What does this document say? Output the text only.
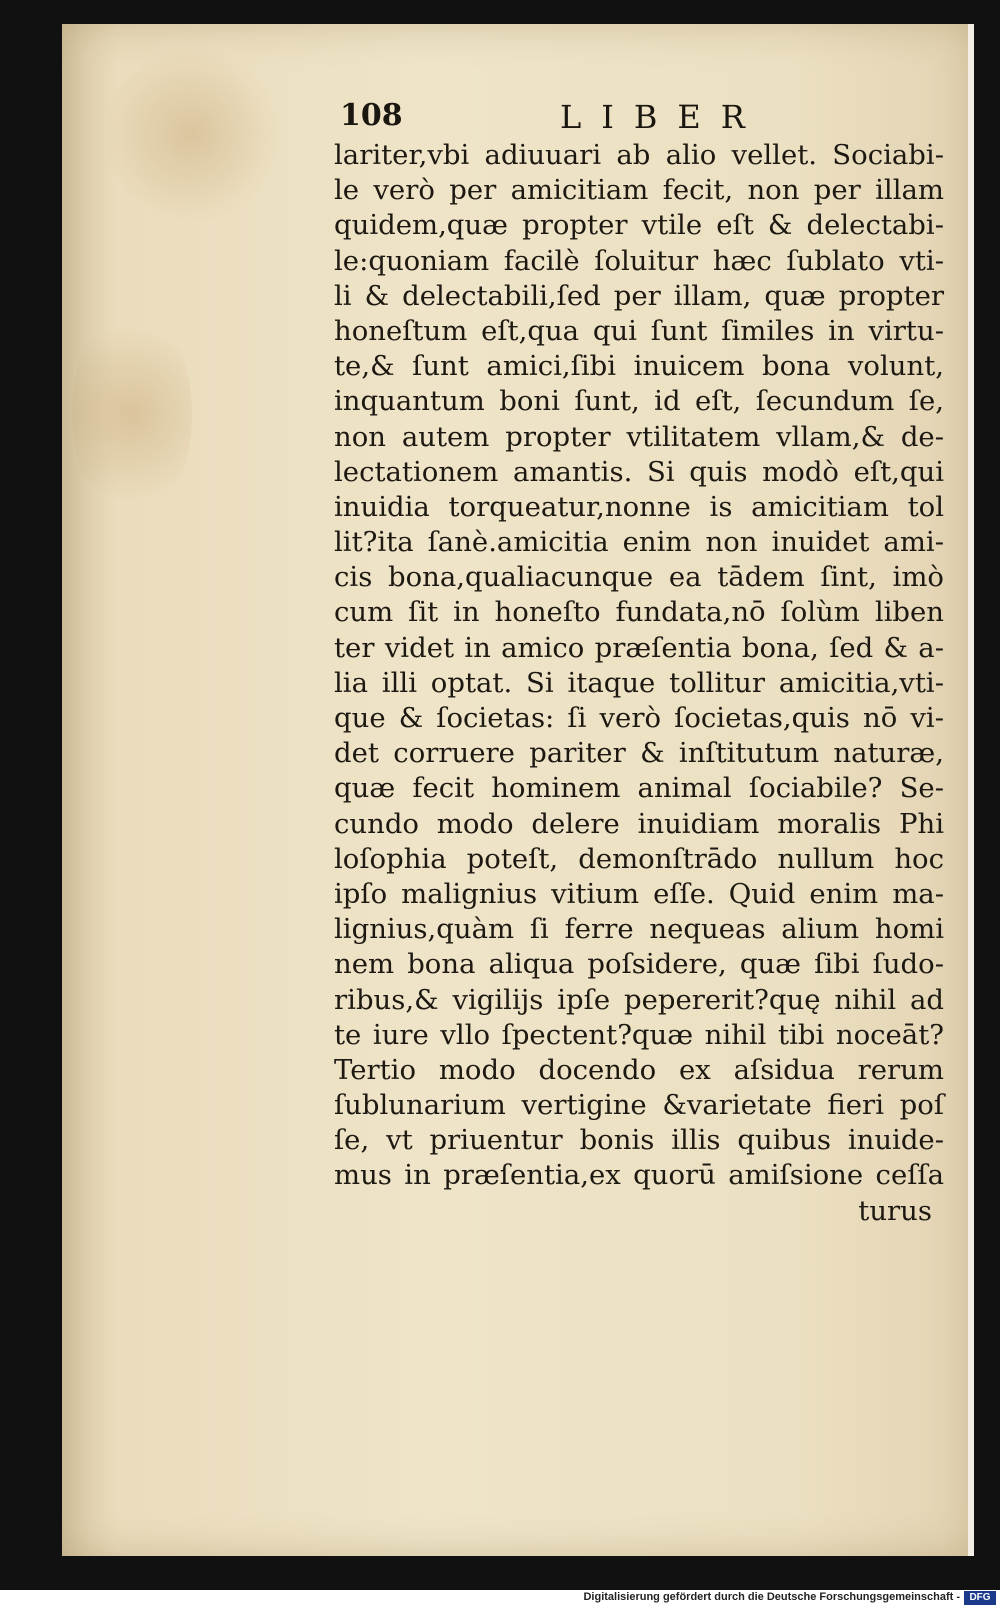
108	LIBER
lariter,vbi adiuuari ab alio vellet. Sociabi-
le verò per amicitiam fecit, non per illam
quidem,quæ propter vtile eſt & delectabi-
le:quoniam facilè ſoluitur hæc ſublato vti-
li & delectabili,ſed per illam, quæ propter
honeſtum eſt,qua qui ſunt ſimiles in virtu-
te,& ſunt amici,ſibi inuicem bona volunt,
inquantum boni ſunt, id eſt, ſecundum ſe,
non autem propter vtilitatem vllam,& de-
lectationem amantis. Si quis modò eſt,qui
inuidia torqueatur,nonne is amicitiam tol
lit?ita ſanè.amicitia enim non inuidet ami-
cis bona,qualiacunque ea tādem ſint, imò
cum ſit in honeſto fundata,nō ſolùm liben
ter videt in amico præſentia bona, ſed & a-
lia illi optat. Si itaque tollitur amicitia,vti-
que & ſocietas: ſi verò ſocietas,quis nō vi-
det corruere pariter & inſtitutum naturæ,
quæ fecit hominem animal ſociabile? Se-
cundo modo delere inuidiam moralis Phi
loſophia poteſt, demonſtrādo nullum hoc
ipſo malignius vitium eſſe. Quid enim ma-
lignius,quàm ſi ferre nequeas alium homi
nem bona aliqua poſsidere, quæ ſibi ſudo-
ribus,& vigilijs ipſe pepererit?quę nihil ad
te iure vllo ſpectent?quæ nihil tibi noceāt?
Tertio modo docendo ex aſsidua rerum
ſublunarium vertigine &varietate fieri poſ
ſe, vt priuentur bonis illis quibus inuide-
mus in præſentia,ex quorū amiſsione ceſſa
turus
Digitalisierung gefördert durch die Deutsche Forschungsgemeinschaft - DFG
